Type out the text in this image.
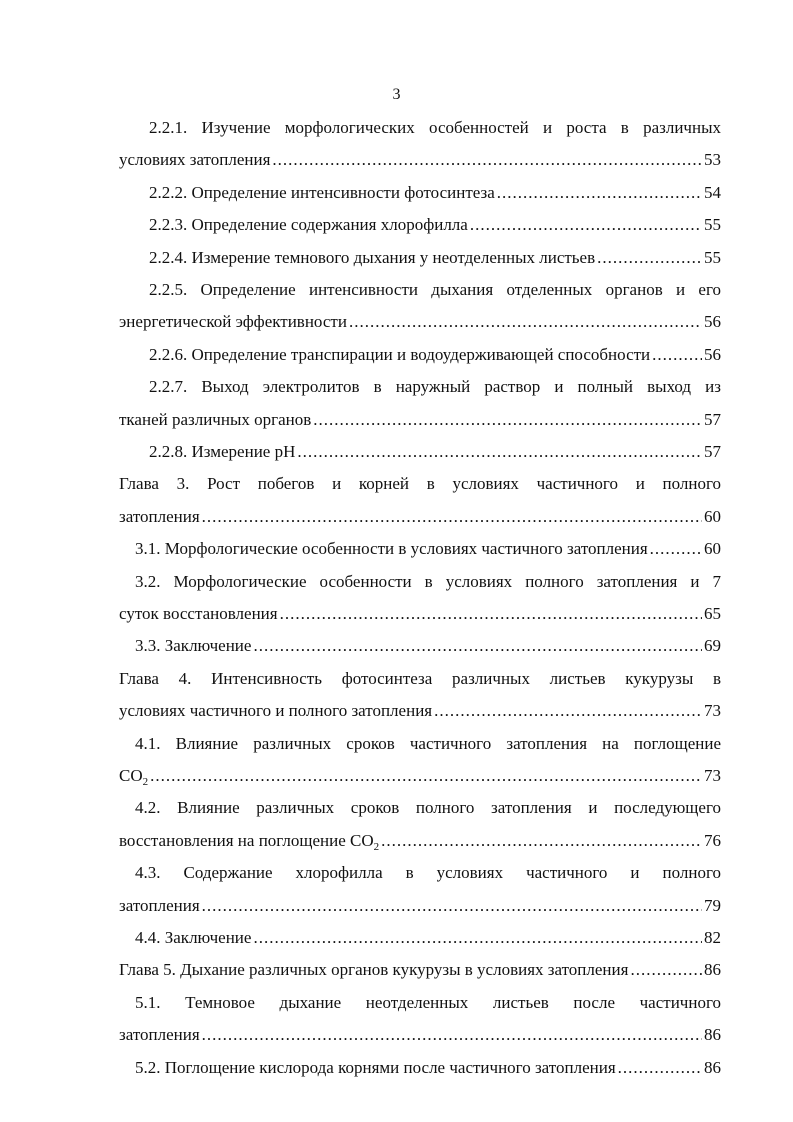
3
2.2.1. Изучение морфологических особенностей и роста в различных
условиях затопления .....	53
2.2.2. Определение интенсивности фотосинтеза .....	54
2.2.3. Определение содержания хлорофилла .....	55
2.2.4. Измерение темнового дыхания у неотделенных листьев .....	55
2.2.5. Определение интенсивности дыхания отделенных органов и его
энергетической эффективности .....	56
2.2.6. Определение транспирации и водоудерживающей способности .....	56
2.2.7. Выход электролитов в наружный раствор и полный выход из
тканей различных органов .....	57
2.2.8. Измерение pH .....	57
Глава 3. Рост побегов и корней в условиях частичного и полного
затопления .....	60
3.1. Морфологические особенности в условиях частичного затопления .....	60
3.2. Морфологические особенности в условиях полного затопления и 7
суток восстановления .....	65
3.3. Заключение .....	69
Глава 4. Интенсивность фотосинтеза различных листьев кукурузы в
условиях частичного и полного затопления .....	73
4.1. Влияние различных сроков частичного затопления на поглощение
CO 2 .....	73
4.2. Влияние различных сроков полного затопления и последующего
восстановления на поглощение CO 2 .....	76
4.3. Содержание хлорофилла в условиях частичного и полного
затопления .....	79
4.4. Заключение .....	82
Глава 5. Дыхание различных органов кукурузы в условиях затопления .....	86
5.1. Темновое дыхание неотделенных листьев после частичного
затопления .....	86
5.2. Поглощение кислорода корнями после частичного затопления .....	86
